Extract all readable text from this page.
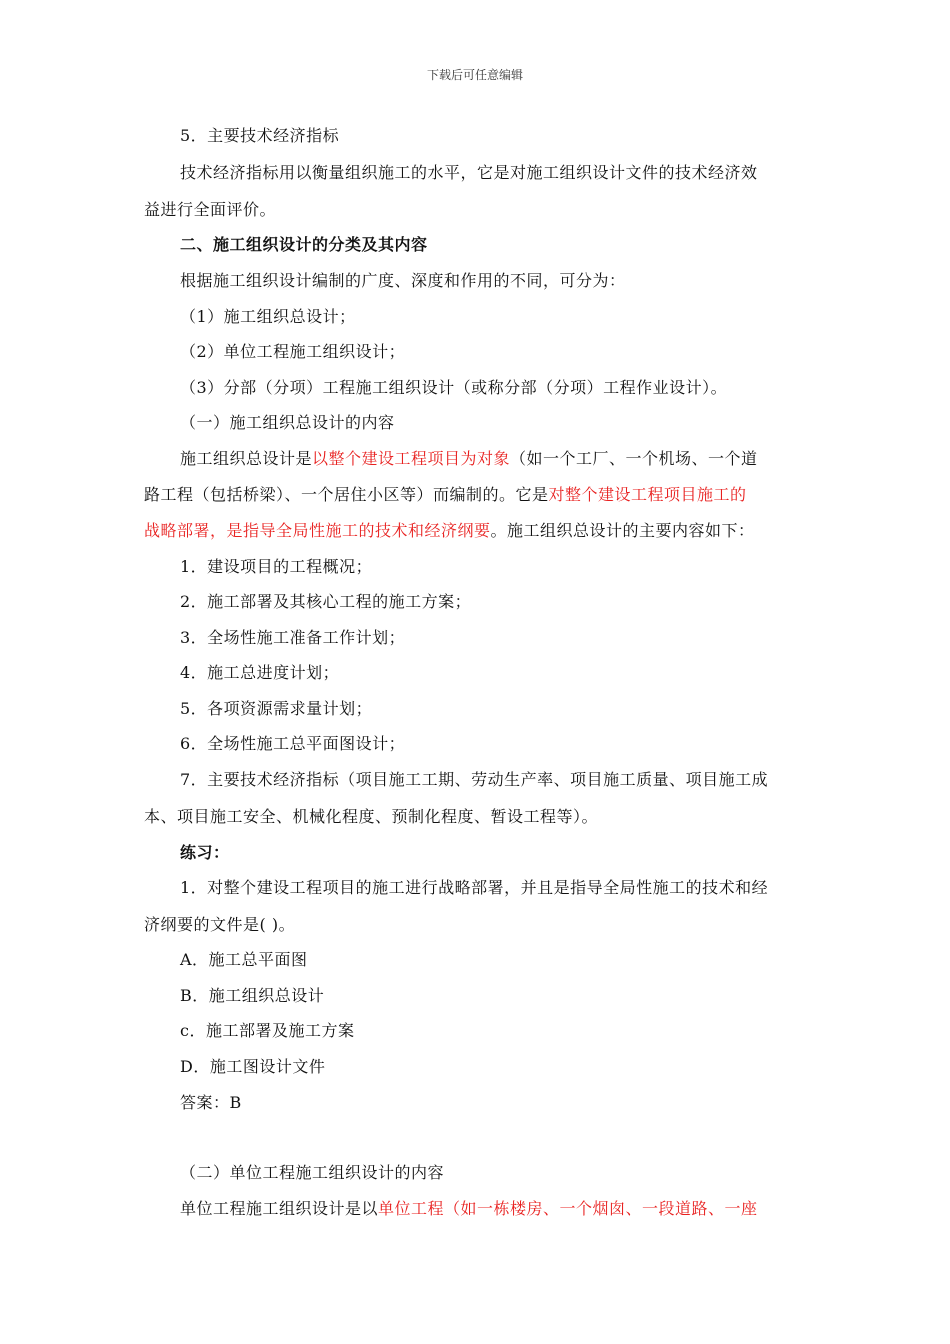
下载后可任意编辑
5．主要技术经济指标
技术经济指标用以衡量组织施工的水平，它是对施工组织设计文件的技术经济效
益进行全面评价。
二、施工组织设计的分类及其内容
根据施工组织设计编制的广度、深度和作用的不同，可分为：
（1）施工组织总设计；
（2）单位工程施工组织设计；
（3）分部（分项）工程施工组织设计（或称分部（分项）工程作业设计）。
（一）施工组织总设计的内容
施工组织总设计是以整个建设工程项目为对象（如一个工厂、一个机场、一个道
路工程（包括桥梁）、一个居住小区等）而编制的。它是对整个建设工程项目施工的
战略部署，是指导全局性施工的技术和经济纲要。施工组织总设计的主要内容如下：
1．建设项目的工程概况；
2．施工部署及其核心工程的施工方案；
3．全场性施工准备工作计划；
4．施工总进度计划；
5．各项资源需求量计划；
6．全场性施工总平面图设计；
7．主要技术经济指标（项目施工工期、劳动生产率、项目施工质量、项目施工成
本、项目施工安全、机械化程度、预制化程度、暂设工程等）。
练习：
1．对整个建设工程项目的施工进行战略部署，并且是指导全局性施工的技术和经
济纲要的文件是( )。
A．施工总平面图
B．施工组织总设计
c．施工部署及施工方案
D．施工图设计文件
答案：B
（二）单位工程施工组织设计的内容
单位工程施工组织设计是以单位工程（如一栋楼房、一个烟囱、一段道路、一座
